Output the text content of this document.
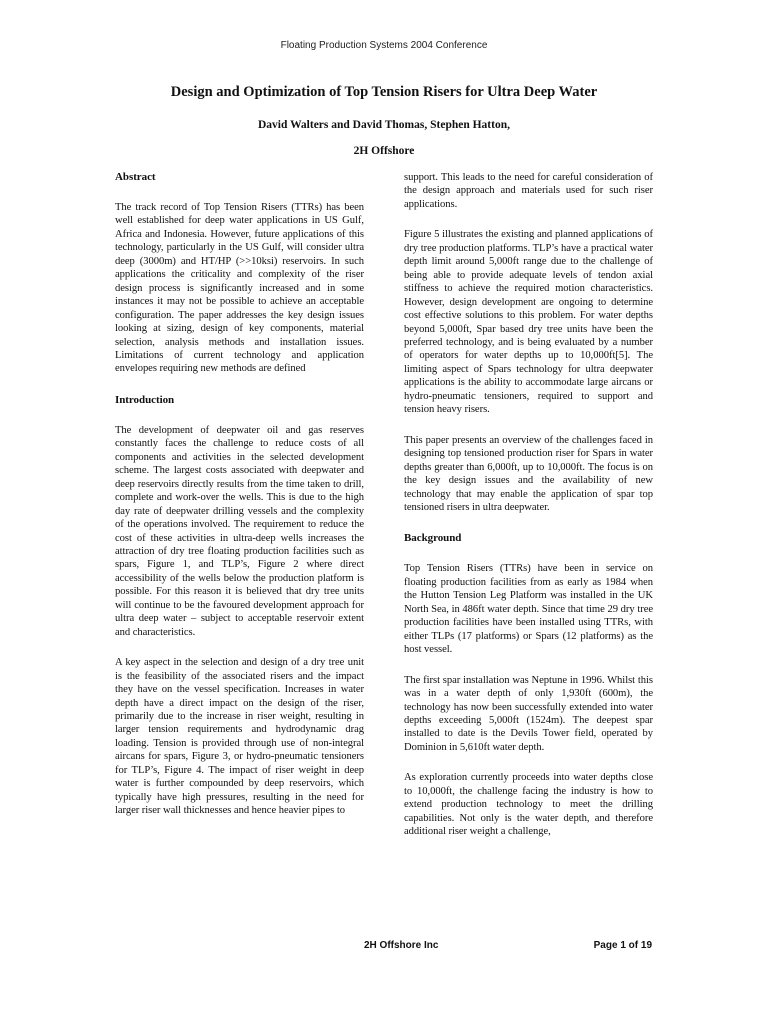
Floating Production Systems 2004 Conference
Design and Optimization of Top Tension Risers for Ultra Deep Water
David Walters and David Thomas, Stephen Hatton,
2H Offshore
Abstract

The track record of Top Tension Risers (TTRs) has been well established for deep water applications in US Gulf, Africa and Indonesia. However, future applications of this technology, particularly in the US Gulf, will consider ultra deep (3000m) and HT/HP (>>10ksi) reservoirs. In such applications the criticality and complexity of the riser design process is significantly increased and in some instances it may not be possible to achieve an acceptable configuration. The paper addresses the key design issues looking at sizing, design of key components, material selection, analysis methods and installation issues. Limitations of current technology and application envelopes requiring new methods are defined

Introduction

The development of deepwater oil and gas reserves constantly faces the challenge to reduce costs of all components and activities in the selected development scheme. The largest costs associated with deepwater and deep reservoirs directly results from the time taken to drill, complete and work-over the wells. This is due to the high day rate of deepwater drilling vessels and the complexity of the operations involved. The requirement to reduce the cost of these activities in ultra-deep wells increases the attraction of dry tree floating production facilities such as spars, Figure 1, and TLP’s, Figure 2 where direct accessibility of the wells below the production platform is possible. For this reason it is believed that dry tree units will continue to be the favoured development approach for ultra deep water – subject to acceptable reservoir extent and characteristics.

A key aspect in the selection and design of a dry tree unit is the feasibility of the associated risers and the impact they have on the vessel specification. Increases in water depth have a direct impact on the design of the riser, primarily due to the increase in riser weight, resulting in larger tension requirements and hydrodynamic drag loading. Tension is provided through use of non-integral aircans for spars, Figure 3, or hydro-pneumatic tensioners for TLP’s, Figure 4. The impact of riser weight in deep water is further compounded by deep reservoirs, which typically have high pressures, resulting in the need for larger riser wall thicknesses and hence heavier pipes to

support. This leads to the need for careful consideration of the design approach and materials used for such riser applications.

Figure 5 illustrates the existing and planned applications of dry tree production platforms. TLP’s have a practical water depth limit around 5,000ft range due to the challenge of being able to provide adequate levels of tendon axial stiffness to achieve the required motion characteristics. However, design development are ongoing to determine cost effective solutions to this problem. For water depths beyond 5,000ft, Spar based dry tree units have been the preferred technology, and is being evaluated by a number of operators for water depths up to 10,000ft[5]. The limiting aspect of Spars technology for ultra deepwater applications is the ability to accommodate large aircans or hydro-pneumatic tensioners, required to support and tension heavy risers.

This paper presents an overview of the challenges faced in designing top tensioned production riser for Spars in water depths greater than 6,000ft, up to 10,000ft. The focus is on the key design issues and the availability of new technology that may enable the application of spar top tensioned risers in ultra deepwater.

Background

Top Tension Risers (TTRs) have been in service on floating production facilities from as early as 1984 when the Hutton Tension Leg Platform was installed in the UK North Sea, in 486ft water depth. Since that time 29 dry tree production facilities have been installed using TTRs, with either TLPs (17 platforms) or Spars (12 platforms) as the host vessel.

The first spar installation was Neptune in 1996. Whilst this was in a water depth of only 1,930ft (600m), the technology has now been successfully extended into water depths exceeding 5,000ft (1524m). The deepest spar installed to date is the Devils Tower field, operated by Dominion in 5,610ft water depth.

As exploration currently proceeds into water depths close to 10,000ft, the challenge facing the industry is how to extend production technology to meet the drilling capabilities. Not only is the water depth, and therefore additional riser weight a challenge,

2H Offshore Inc	Page 1 of 19
